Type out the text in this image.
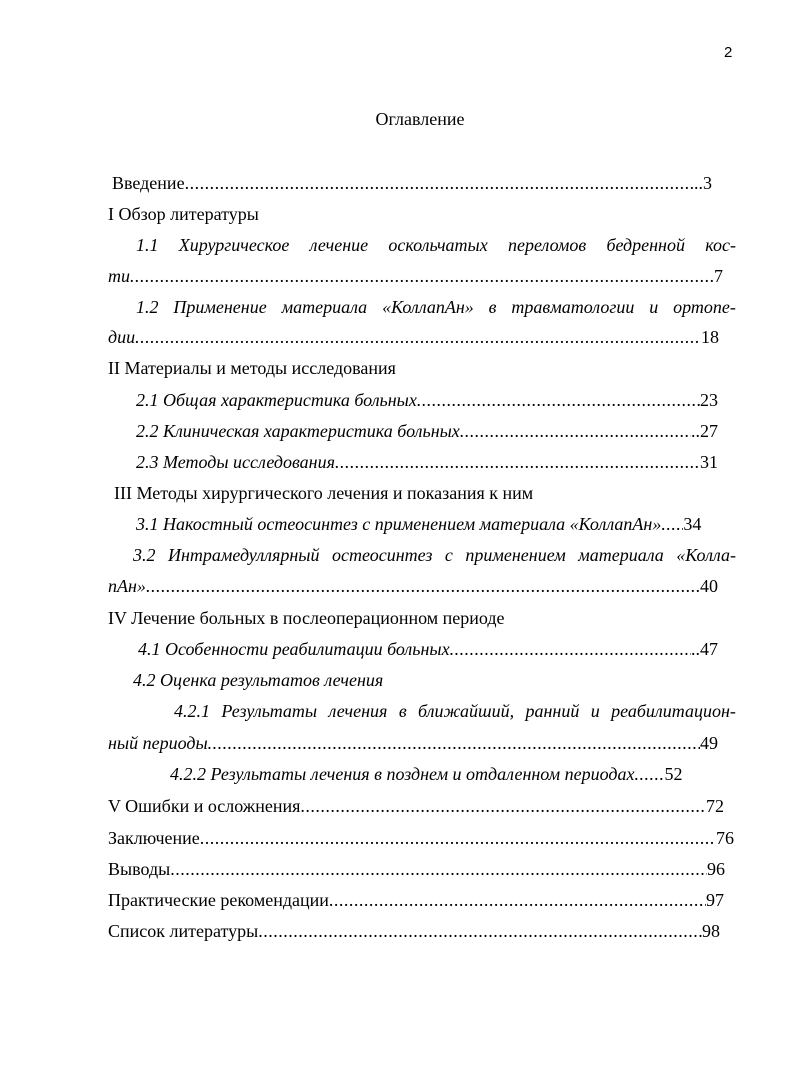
2
Оглавление
Введение .....	..3
I Обзор литературы
1.1 Хирургическое лечение оскольчатых переломов бедренной кос-
ти .....	7
1.2 Применение материала «КоллапАн» в травматологии и ортопе-
дии .....	18
II Материалы и методы исследования
2.1 Общая характеристика больных .....	23
2.2 Клиническая характеристика больных .....	..27
2.3 Методы исследования .....	31
III Методы хирургического лечения и показания к ним
3.1 Накостный остеосинтез с применением материала «КоллапАн» ..... 34
3.2 Интрамедуллярный остеосинтез с применением материала «Колла-
пАн» .....	40
IV Лечение больных в послеоперационном периоде
4.1 Особенности реабилитации больных .....	..47
4.2 Оценка результатов лечения
4.2.1 Результаты лечения в ближайший, ранний и реабилитацион-
ный периоды .....	49
4.2.2 Результаты лечения в позднем и отдаленном периодах ..... 52
V Ошибки и осложнения .....	72
Заключение .....	76
Выводы .....	96
Практические рекомендации .....	97
Список литературы .....	98
